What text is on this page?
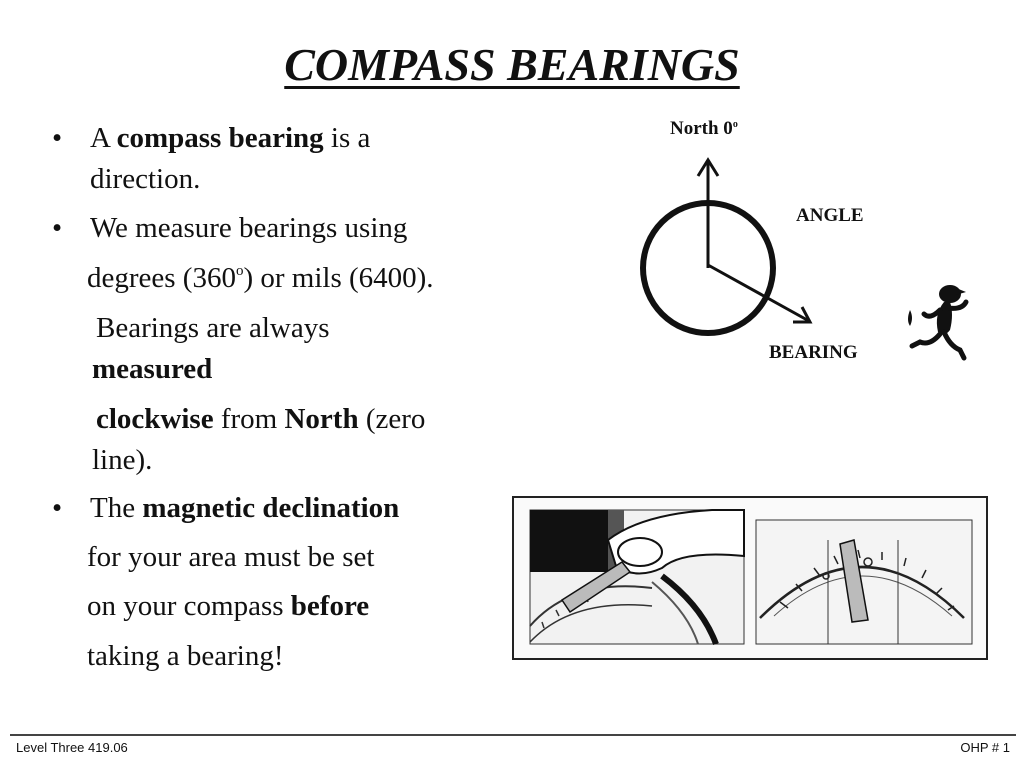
COMPASS BEARINGS
• A compass bearing is a
direction.
• We measure bearings using
degrees (360$^o$) or mils (6400).
Bearings are always
measured
clockwise from North (zero
line).
• The magnetic declination
for your area must be set
on your compass before
taking a bearing!
North 0$^o$
ANGLE
BEARING
Level Three 419.06	OHP # 1
